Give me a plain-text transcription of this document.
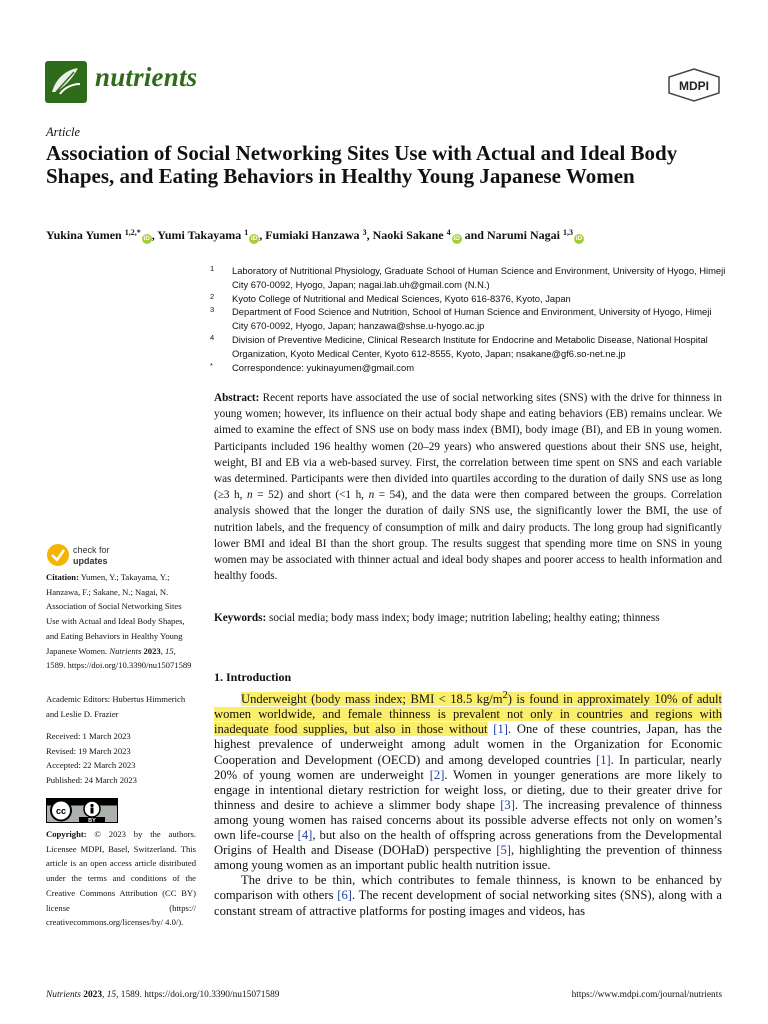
nutrients	MDPI
Article
Association of Social Networking Sites Use with Actual and Ideal Body Shapes, and Eating Behaviors in Healthy Young Japanese Women
Yukina Yumen $^{1,2,*}$iD , Yumi Takayama $^1$iD , Fumiaki Hanzawa $^3$, Naoki Sakane $^4$iD and Narumi Nagai $^{1,3}$iD
1 Laboratory of Nutritional Physiology, Graduate School of Human Science and Environment, University of Hyogo, Himeji City 670-0092, Hyogo, Japan; nagai.lab.uh@gmail.com (N.N.)
2 Kyoto College of Nutritional and Medical Sciences, Kyoto 616-8376, Kyoto, Japan
3 Department of Food Science and Nutrition, School of Human Science and Environment, University of Hyogo, Himeji City 670-0092, Hyogo, Japan; hanzawa@shse.u-hyogo.ac.jp
4 Division of Preventive Medicine, Clinical Research Institute for Endocrine and Metabolic Disease, National Hospital Organization, Kyoto Medical Center, Kyoto 612-8555, Kyoto, Japan; nsakane@gf6.so-net.ne.jp
* Correspondence: yukinayumen@gmail.com
Abstract: Recent reports have associated the use of social networking sites (SNS) with the drive for thinness in young women; however, its influence on their actual body shape and eating behaviors (EB) remains unclear. We aimed to examine the effect of SNS use on body mass index (BMI), body image (BI), and EB in young women. Participants included 196 healthy women (20–29 years) who answered questions about their SNS use, height, weight, BI and EB via a web-based survey. First, the correlation between time spent on SNS and each variable was determined. Participants were then divided into quartiles according to the duration of daily SNS use as long (≥3 h, n = 52) and short (<1 h, n = 54), and the data were then compared between the groups. Correlation analysis showed that the longer the duration of daily SNS use, the significantly lower the BMI, the use of nutrition labels, and the frequency of consumption of milk and dairy products. The long group had significantly lower BMI and ideal BI than the short group. The results suggest that spending more time on SNS in young women may be associated with thinner actual and ideal body shapes and poorer access to health information and healthy foods.
Keywords: social media; body mass index; body image; nutrition labeling; healthy eating; thinness
check for
updates
Citation: Yumen, Y.; Takayama, Y.; Hanzawa, F.; Sakane, N.; Nagai, N. Association of Social Networking Sites Use with Actual and Ideal Body Shapes, and Eating Behaviors in Healthy Young Japanese Women. Nutrients 2023, 15, 1589. https://doi.org/10.3390/nu15071589
Academic Editors: Hubertus Himmerich and Leslie D. Frazier
Received: 1 March 2023
Revised: 19 March 2023
Accepted: 22 March 2023
Published: 24 March 2023
cc
BY
Copyright: © 2023 by the authors. Licensee MDPI, Basel, Switzerland. This article is an open access article distributed under the terms and conditions of the Creative Commons Attribution (CC BY) license (https:// creativecommons.org/licenses/by/ 4.0/).
1. Introduction

Underweight (body mass index; BMI < 18.5 $kg/m^2$) is found in approximately 10% of adult women worldwide, and female thinness is prevalent not only in countries and regions with inadequate food supplies, but also in those without [1]. One of these countries, Japan, has the highest prevalence of underweight among adult women in the Organization for Economic Cooperation and Development (OECD) and among developed countries [1]. In particular, nearly 20% of young women are underweight [2]. Women in younger generations are more likely to engage in intentional dietary restriction for weight loss, or dieting, due to their greater drive for thinness and desire to achieve a slimmer body shape [3]. The increasing prevalence of thinness among young women has raised concerns about its possible adverse effects not only on women’s own life-course [4], but also on the health of offspring across generations from the Developmental Origins of Health and Disease (DOHaD) perspective [5], highlighting the prevention of thinness among young women as an important public health nutrition issue.

The drive to be thin, which contributes to female thinness, is known to be enhanced by comparison with others [6]. The recent development of social networking sites (SNS), along with a constant stream of attractive platforms for posting images and videos, has

Nutrients 2023, 15, 1589. https://doi.org/10.3390/nu15071589	https://www.mdpi.com/journal/nutrients
